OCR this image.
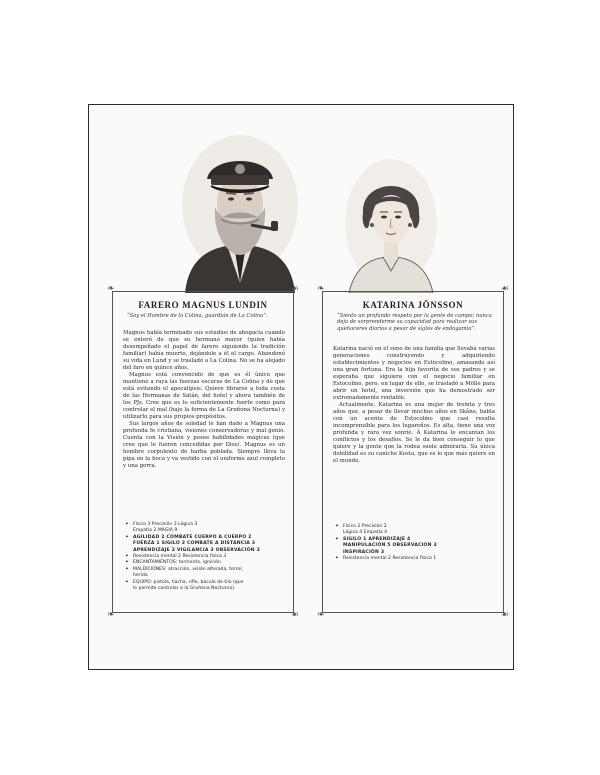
❧	☙
❧	☙
FARERO MAGNUS LUNDIN
“Soy el Hombre de la Colina, guardián de La Colina”.

Magnus había terminado sus estudios de abogacía cuando se enteró de que su hermano mayor (quien había desempeñado el papel de farero siguiendo la tradición familiar) había muerto, dejándole a él el cargo. Abandonó su vida en Lund y se trasladó a La Colina. No se ha alejado del faro en quince años.

Magnus está convencido de que es él único que mantiene a raya las fuerzas oscuras de La Colina y de que está evitando el apocalipsis. Quiere librarse a toda costa de las Hermanas de Satán, del hotel y ahora también de los PJs. Cree que es lo suficientemente fuerte como para controlar el mal (bajo la forma de La Gruñona Nocturna) y utilizarlo para sus propios propósitos.

Sus largos años de soledad le han dado a Magnus una profunda fe cristiana, visiones conservadoras y mal genio. Cuenta con la Visión y posee habilidades mágicas (que cree que le fueron concedidas por Dios). Magnus es un hombre corpulento de barba poblada. Siempre lleva la pipa en la boca y va vestido con el uniforme azul completo y una gorra.

✦ Físico 3 Precisión 3 Lógica 3
Empatía 2 MAGIA 9
✦ AGILIDAD 2 COMBATE CUERPO A CUERPO 2
FUERZA 1 SIGILO 2 COMBATE A DISTANCIA 3
APRENDIZAJE 2 VIGILANCIA 3 OBSERVACIÓN 3
✦ Resistencia mental 2 Resistencia física 3
✦ ENCANTAMIENTOS: tormenta, ignición
✦ MALDICIONES: atracción, visión alterada, terror,
herida
✦ EQUIPO: pistola, hacha, rifle, báculo de tilo (que
le permite controlar a la Gruñona Nocturna).
❧	☙
❧	☙
KATARINA JÖNSSON
“Siento un profundo respeto por la gente de campo; nunca deja de sorprenderme su capacidad para realizar sus quehaceres diarios a pesar de siglos de endogamia”.

Katarina nació en el seno de una familia que llevaba varias generaciones construyendo y adquiriendo establecimientos y negocios en Estocolmo, amasando así una gran fortuna. Era la hija favorita de sus padres y se esperaba que siguiera con el negocio familiar en Estocolmo, pero, en lugar de ello, se trasladó a Mölle para abrir un hotel, una inversión que ha demostrado ser extremadamente rentable.

Actualmente, Katarina es una mujer de treinta y tres años que, a pesar de llevar muchos años en Skåne, habla con un acento de Estocolmo que casi resulta incomprensible para los lugareños. Es alta, tiene una voz profunda y rara vez sonríe. A Katarina le encantan los conflictos y los desafíos. Se le da bien conseguir lo que quiere y la gente que la rodea suele admirarla. Su única debilidad es su caniche Kosta, que es lo que más quiere en el mundo.

✦ Físico 2 Precisión 2
Lógica 4 Empatía 4
✦ SIGILO 1 APRENDIZAJE 4
MANIPULACIÓN 5 OBSERVACIÓN 3
INSPIRACIÓN 3
✦ Resistencia mental 2 Resistencia física 1
